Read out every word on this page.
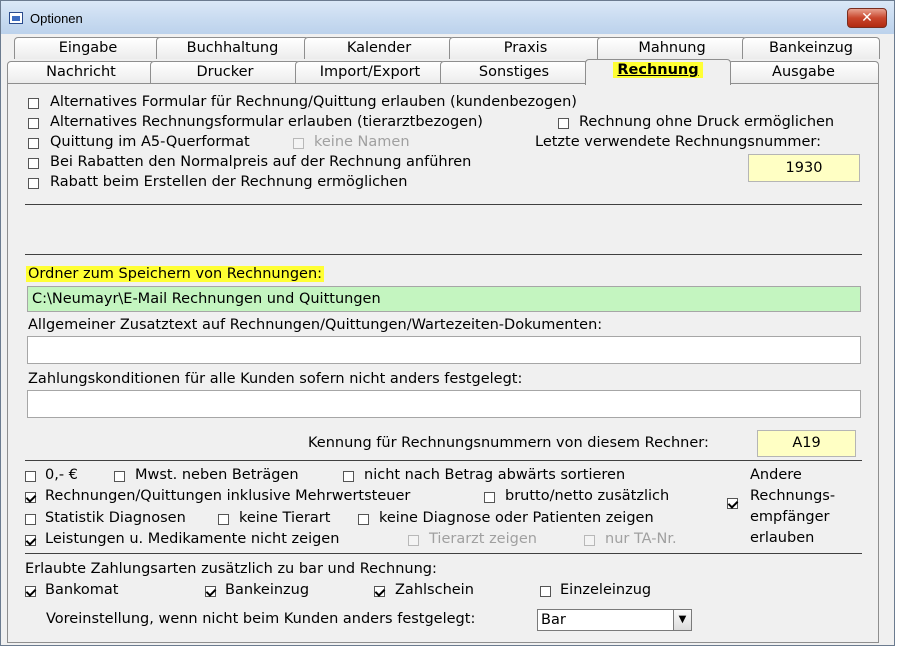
Optionen	✕
Eingabe	Buchhaltung	Kalender	Praxis	Mahnung	Bankeinzug
Nachricht	Drucker	Import/Export	Sonstiges	Rechnung	Ausgabe
Alternatives Formular für Rechnung/Quittung erlauben (kundenbezogen)
Alternatives Rechnungsformular erlauben (tierarztbezogen)	Rechnung ohne Druck ermöglichen
Quittung im A5-Querformat	keine Namen	Letzte verwendete Rechnungsnummer:
Bei Rabatten den Normalpreis auf der Rechnung anführen	1930
Rabatt beim Erstellen der Rechnung ermöglichen
Ordner zum Speichern von Rechnungen:
C:\Neumayr\E-Mail Rechnungen und Quittungen
Allgemeiner Zusatztext auf Rechnungen/Quittungen/Wartezeiten-Dokumenten:
Zahlungskonditionen für alle Kunden sofern nicht anders festgelegt:
Kennung für Rechnungsnummern von diesem Rechner:	A19
0,- €	Mwst. neben Beträgen	nicht nach Betrag abwärts sortieren
Rechnungen/Quittungen inklusive Mehrwertsteuer	brutto/netto zusätzlich
Statistik Diagnosen	keine Tierart	keine Diagnose oder Patienten zeigen
Leistungen u. Medikamente nicht zeigen	Tierarzt zeigen	nur TA-Nr.
Andere
Rechnungs-
empfänger
erlauben
Erlaubte Zahlungsarten zusätzlich zu bar und Rechnung:
Bankomat	Bankeinzug	Zahlschein	Einzeleinzug
Voreinstellung, wenn nicht beim Kunden anders festgelegt:	Bar	▼
